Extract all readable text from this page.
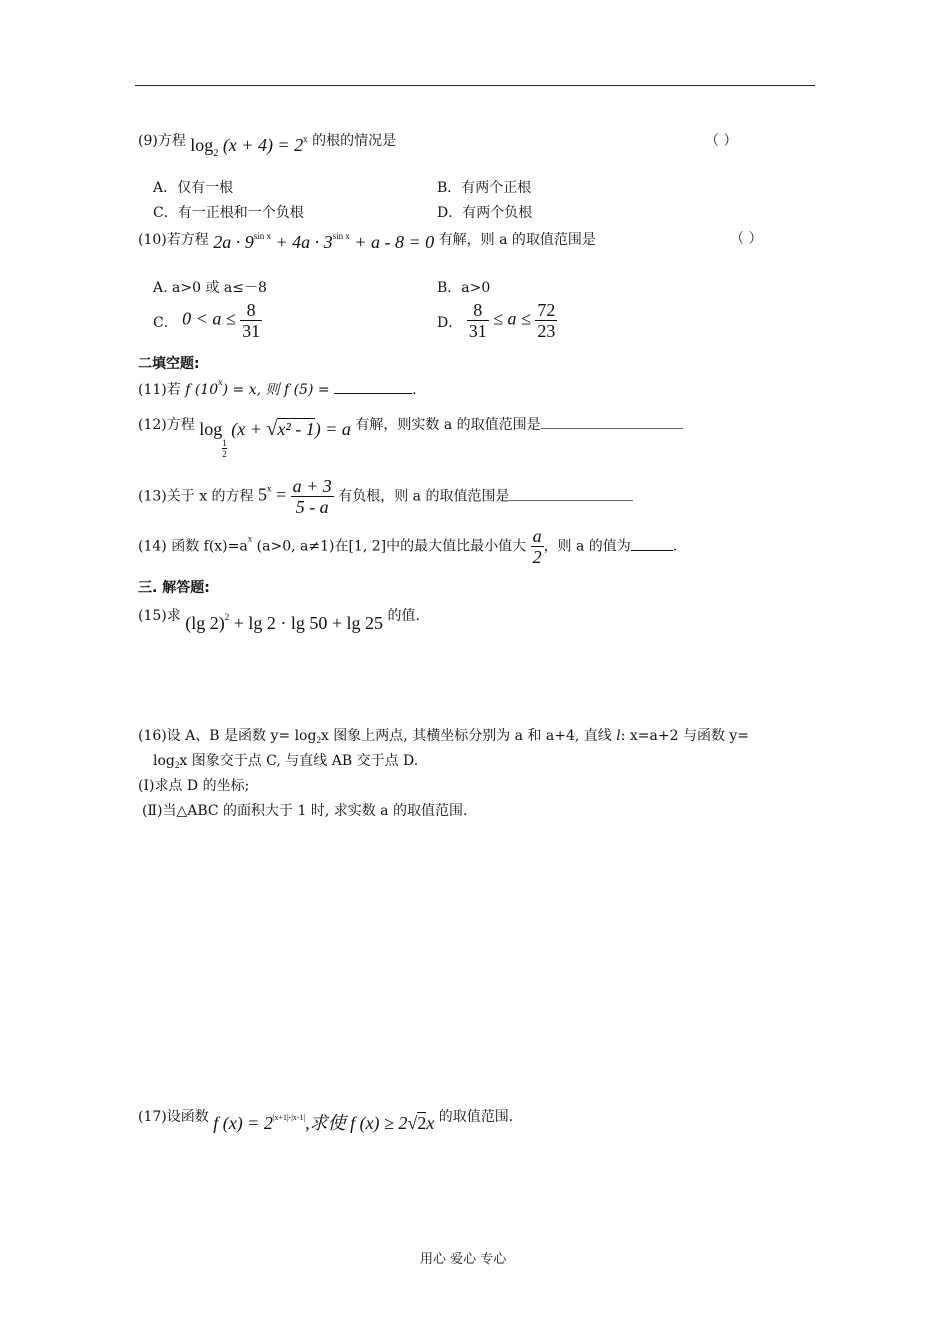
(9)方程 $\log_2 (x + 4) = 2^x$ 的根的情况是	（ ）
A．仅有一根	B．有两个正根
C．有一正根和一个负根	D．有两个负根
(10)若方程 $2a \cdot 9^{sin x} + 4a \cdot 3^{sin x} + a - 8 = 0$ 有解，则 a 的取值范围是	（ ）
A. a>0 或 a≤－8	B．a>0
C． $0 < a \le \frac{8}{31}$	D． $\frac{8}{31} \le a \le \frac{72}{23}$
二填空题:
(11)若 f $(10^x) = x$, 则 f (5) =	.
(12)方程 log
$\frac{1}{2}$
(x + √x² - 1) = a 有解，则实数 a 的取值范围是
(13)关于 x 的方程 $5^x = \frac{a + 3}{5 - a}$ 有负根，则 a 的取值范围是
(14) 函数 $f(x)=a^x$ (a>0, a≠1)在[1, 2]中的最大值比最小值大 $\frac{a}{2}$ ，则 a 的值为	.
三. 解答题:
(15)求 (lg 2)$^2$ + lg 2 · lg 50 + lg 25 的值.
(16)设 A、B 是函数 $y= \log_2x$ 图象上两点, 其横坐标分别为 a 和 a+4, 直线 l: x=a+2 与函数 y=
$\log_2x$ 图象交于点 C, 与直线 AB 交于点 D.
(Ⅰ)求点 D 的坐标;
(Ⅱ)当△ABC 的面积大于 1 时, 求实数 a 的取值范围.
(17)设函数 f $(x) = 2^{|x+1|-|x-1|}$,求使 f (x) ≥ 2√2x 的取值范围.
用心 爱心 专心
